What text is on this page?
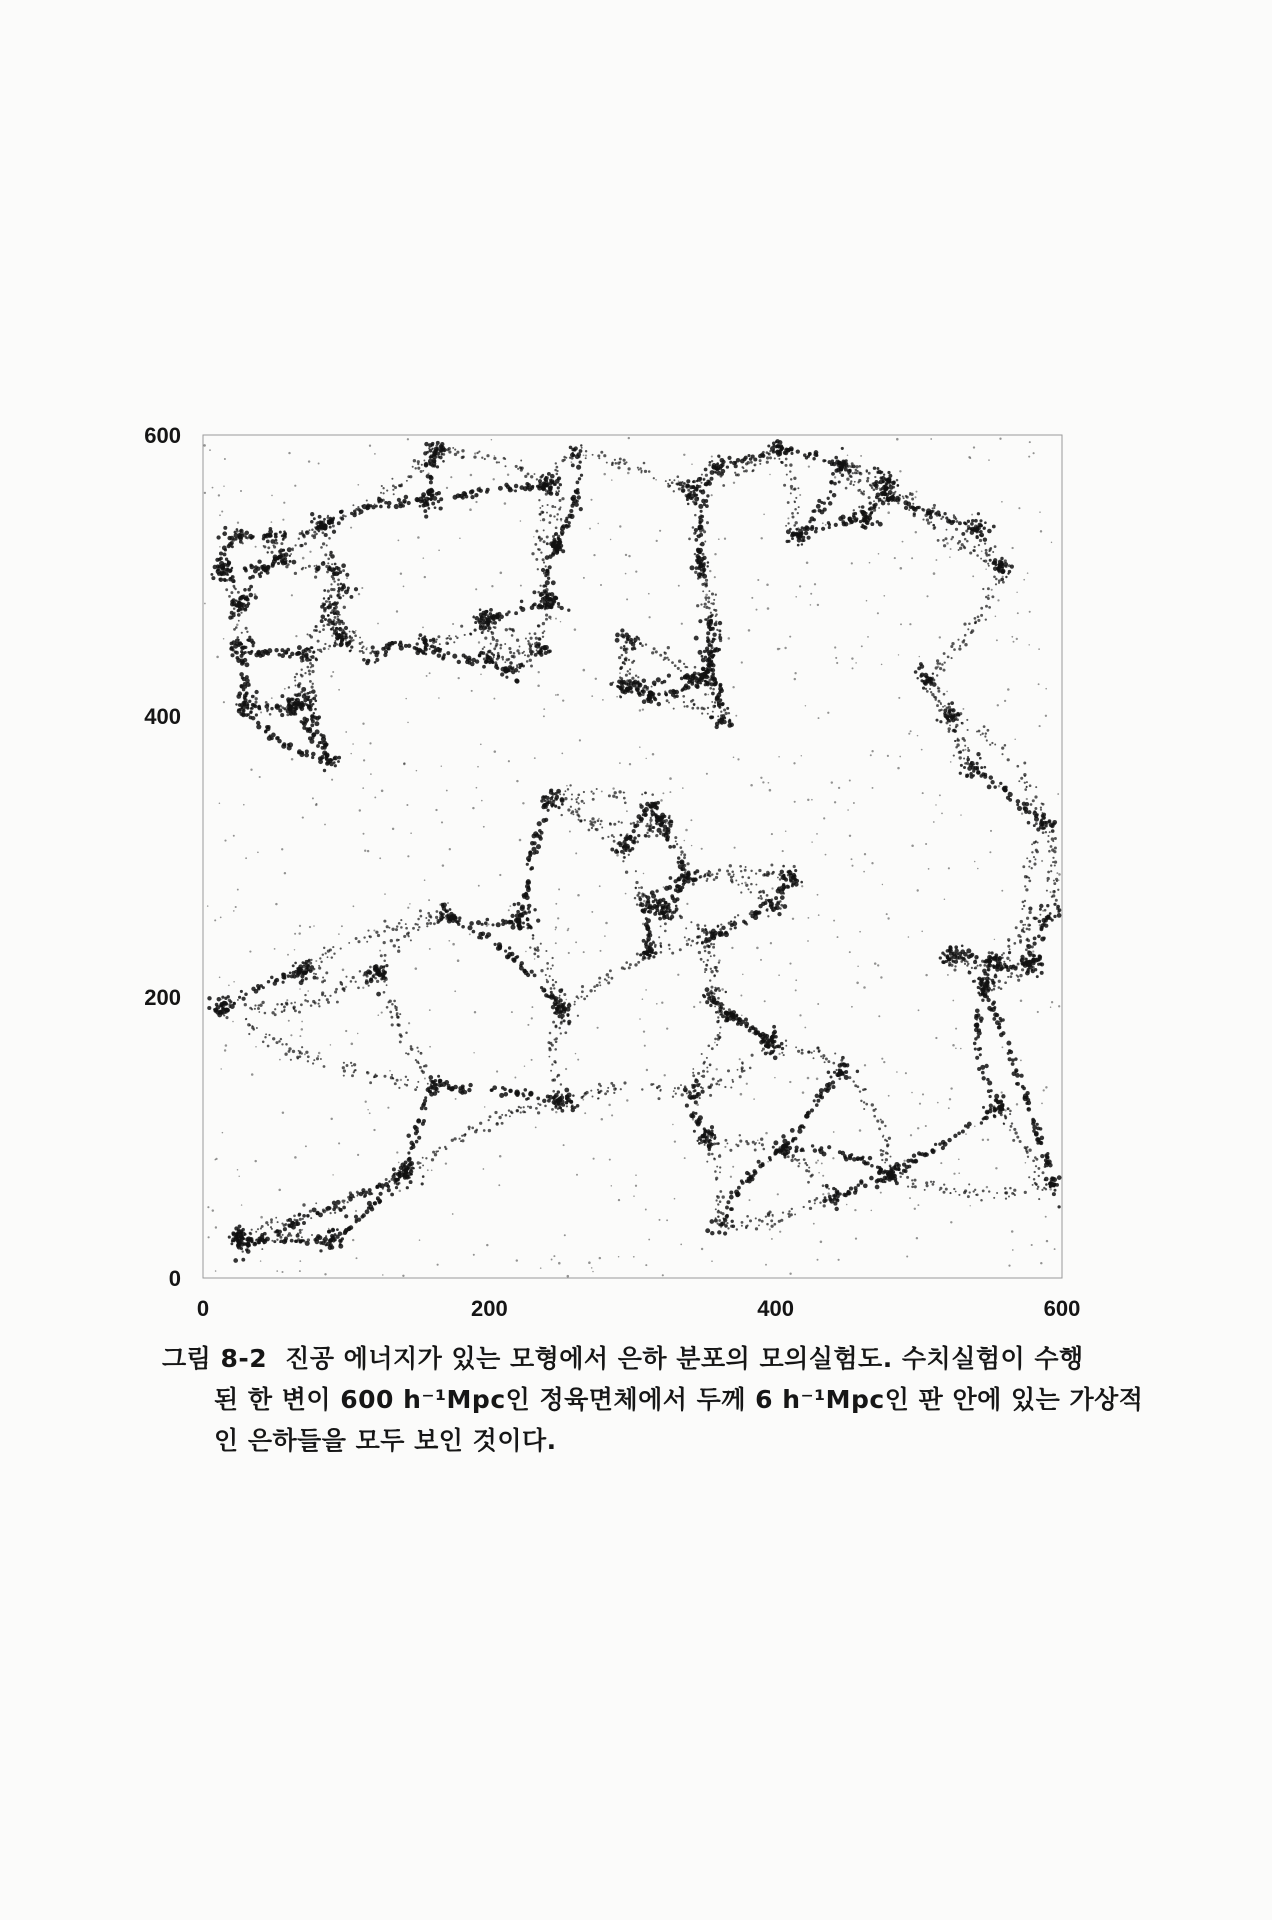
0	200	400	600
0
200
400
600
그림 8-2 진공 에너지가 있는 모형에서 은하 분포의 모의실험도. 수치실험이 수행
된 한 변이 600 h⁻¹Mpc인 정육면체에서 두께 6 h⁻¹Mpc인 판 안에 있는 가상적
인 은하들을 모두 보인 것이다.
